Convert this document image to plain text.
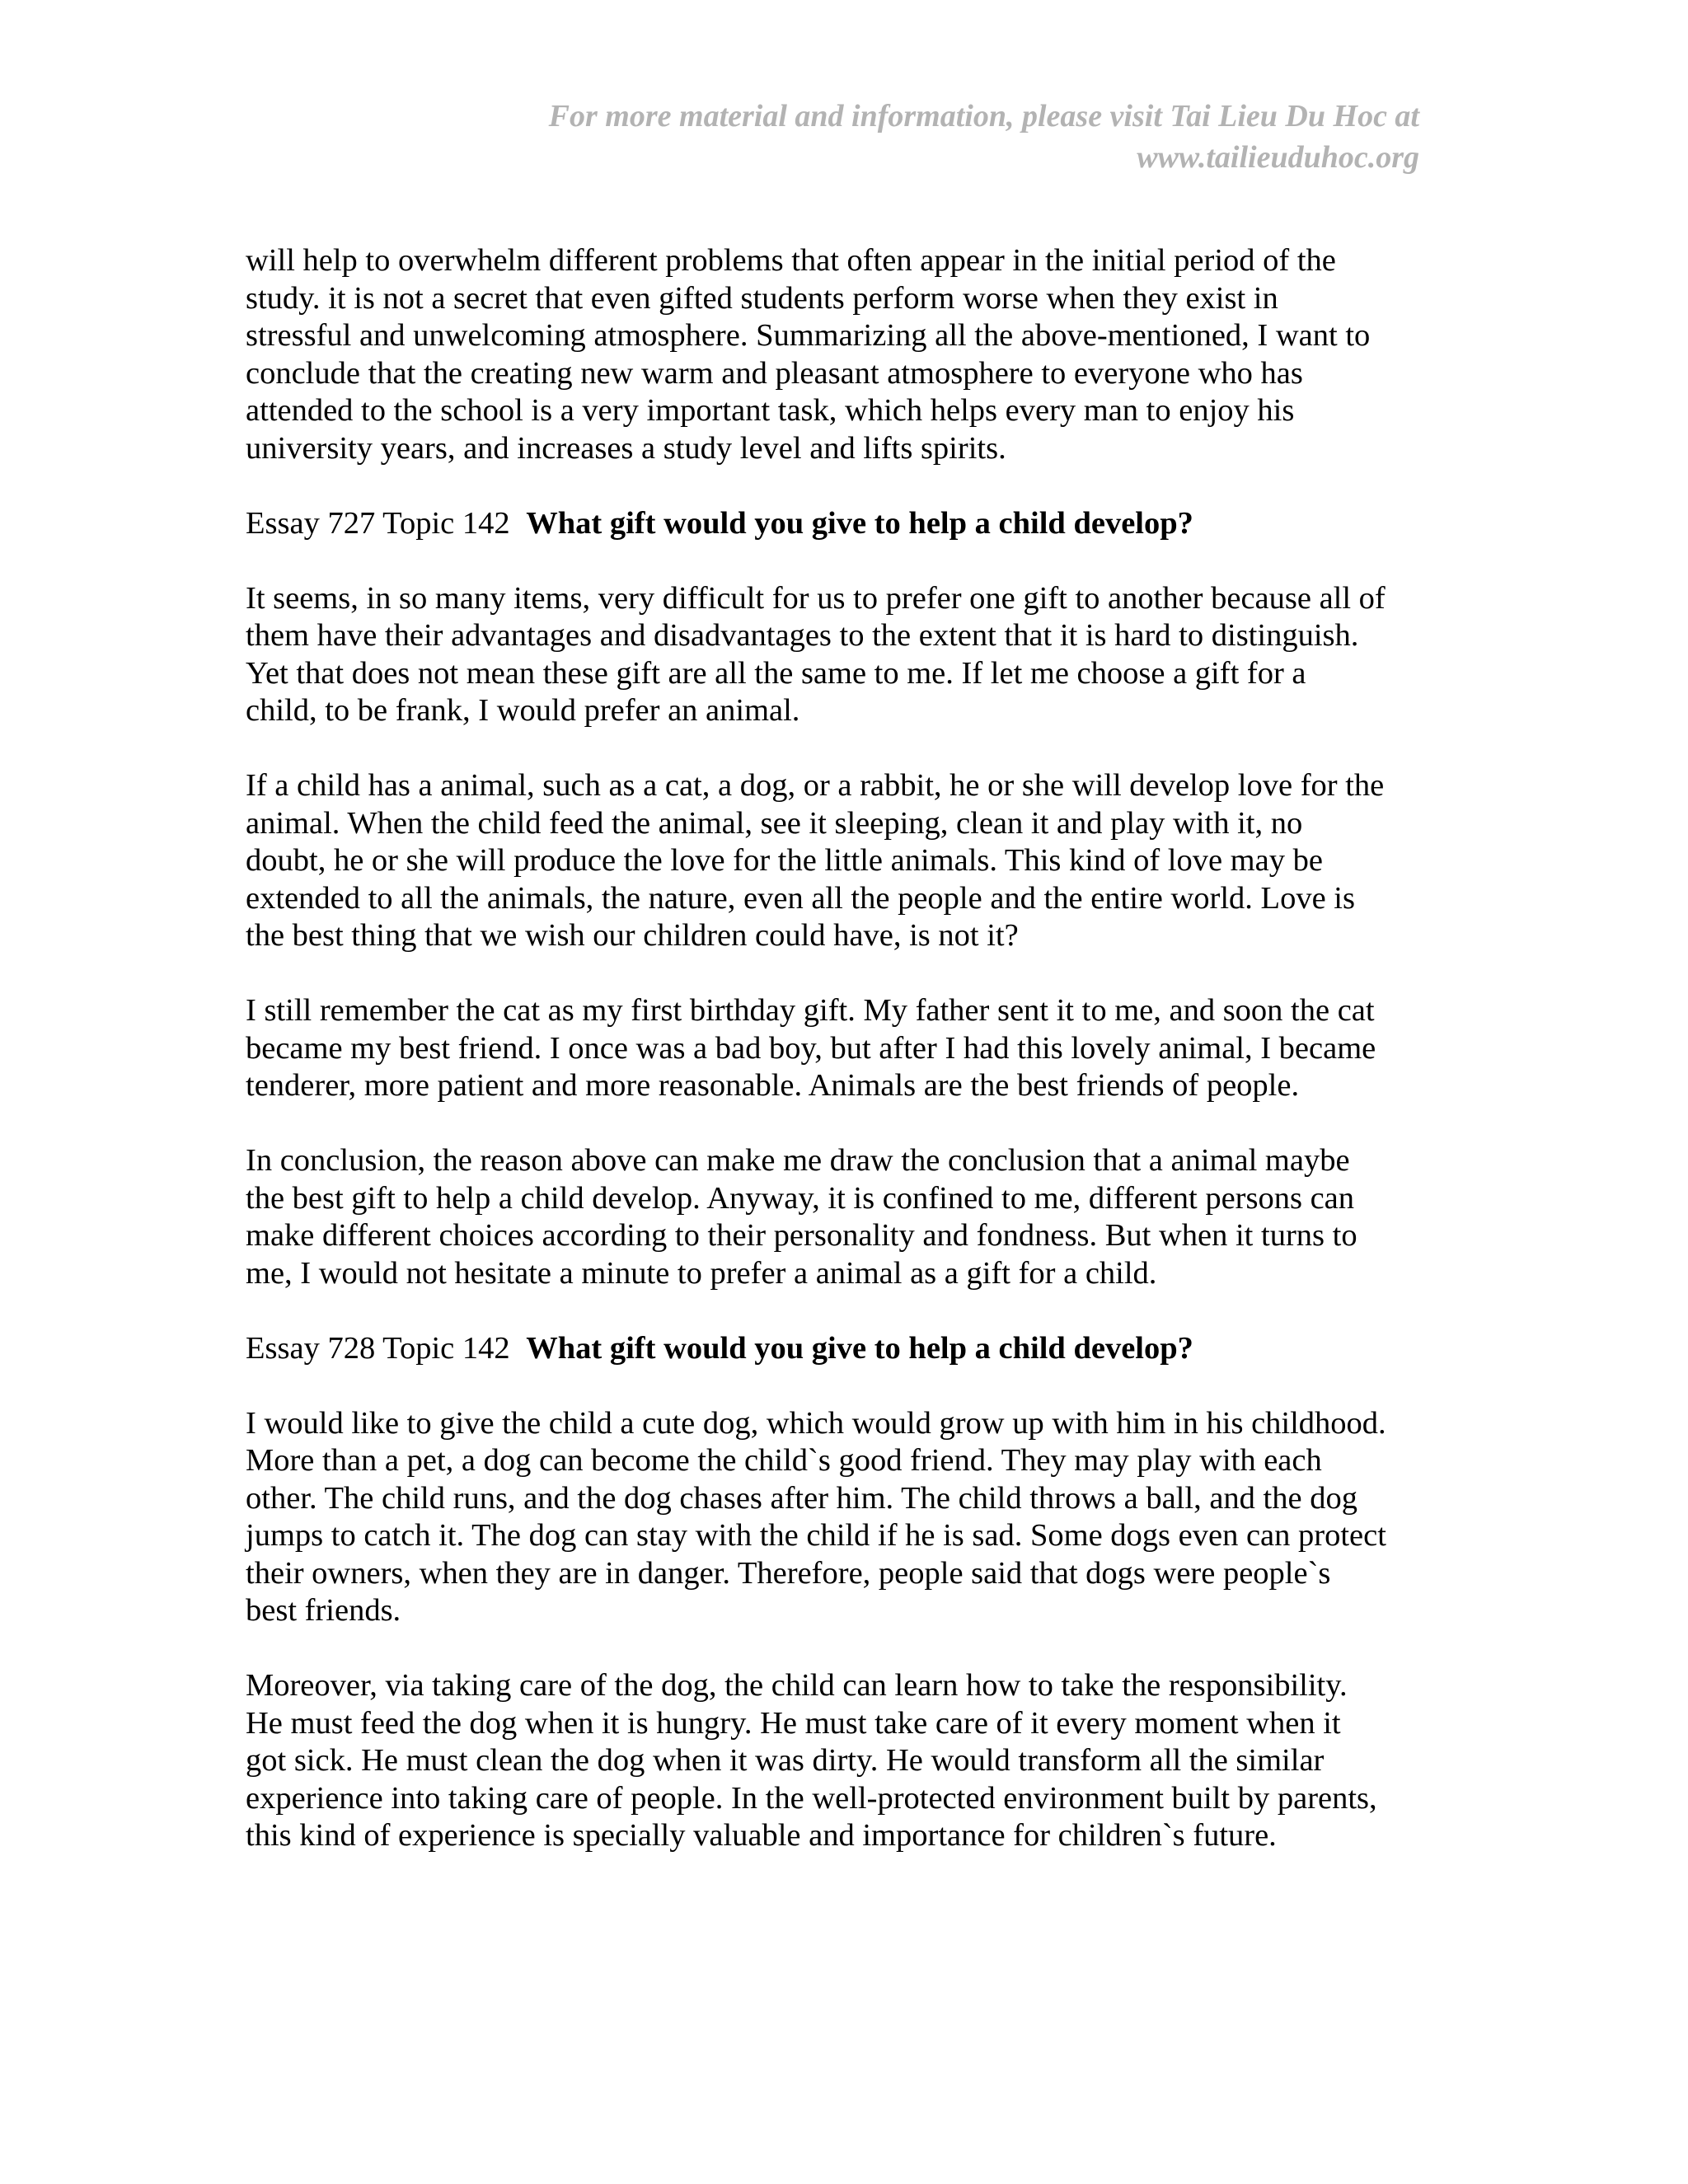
For more material and information, please visit Tai Lieu Du Hoc at
www.tailieuduhoc.org

will help to overwhelm different problems that often appear in the initial period of the
study. it is not a secret that even gifted students perform worse when they exist in
stressful and unwelcoming atmosphere. Summarizing all the above-mentioned, I want to
conclude that the creating new warm and pleasant atmosphere to everyone who has
attended to the school is a very important task, which helps every man to enjoy his
university years, and increases a study level and lifts spirits.

Essay 727 Topic 142 What gift would you give to help a child develop?

It seems, in so many items, very difficult for us to prefer one gift to another because all of
them have their advantages and disadvantages to the extent that it is hard to distinguish.
Yet that does not mean these gift are all the same to me. If let me choose a gift for a
child, to be frank, I would prefer an animal.

If a child has a animal, such as a cat, a dog, or a rabbit, he or she will develop love for the
animal. When the child feed the animal, see it sleeping, clean it and play with it, no
doubt, he or she will produce the love for the little animals. This kind of love may be
extended to all the animals, the nature, even all the people and the entire world. Love is
the best thing that we wish our children could have, is not it?

I still remember the cat as my first birthday gift. My father sent it to me, and soon the cat
became my best friend. I once was a bad boy, but after I had this lovely animal, I became
tenderer, more patient and more reasonable. Animals are the best friends of people.

In conclusion, the reason above can make me draw the conclusion that a animal maybe
the best gift to help a child develop. Anyway, it is confined to me, different persons can
make different choices according to their personality and fondness. But when it turns to
me, I would not hesitate a minute to prefer a animal as a gift for a child.

Essay 728 Topic 142 What gift would you give to help a child develop?

I would like to give the child a cute dog, which would grow up with him in his childhood.
More than a pet, a dog can become the child`s good friend. They may play with each
other. The child runs, and the dog chases after him. The child throws a ball, and the dog
jumps to catch it. The dog can stay with the child if he is sad. Some dogs even can protect
their owners, when they are in danger. Therefore, people said that dogs were people`s
best friends.

Moreover, via taking care of the dog, the child can learn how to take the responsibility.
He must feed the dog when it is hungry. He must take care of it every moment when it
got sick. He must clean the dog when it was dirty. He would transform all the similar
experience into taking care of people. In the well-protected environment built by parents,
this kind of experience is specially valuable and importance for children`s future.
